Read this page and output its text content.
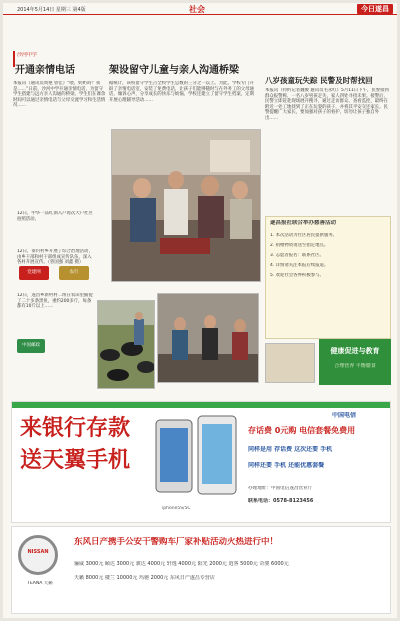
2014年5月14日 星期三 第4版	社会	今日遂昌
沙河中学
开通亲情电话
本报讯（通讯员周艳 曾佳）“喂，奶奶吗？我是……”日前，沙河中学开通亲情电话，为留守学生搭建与远方亲人沟通的桥梁。学生们在课余时间可以通过亲情电话与父母交流学习和生活情况……
架设留守儿童与亲人沟通桥梁
据统计，该校留守学生占全校学生总数的三分之一以上。为此，学校专门开辟了亲情电话室，安装了免费电话，让孩子们能够随时与在外务工的父母通话，倾诉心声，分享成长的快乐与烦恼。学校还建立了留守学生档案，定期开展心理辅导活动……
八岁孩童玩失踪 民警及时帮找回
本报讯（特约记者魏俊 通讯员毛永红）5月11日下午，民警接到群众报警称，一名八岁男孩走失，家人四处寻找未果。接警后，民警立即赶赴现场展开搜寻，通过走访群众、查看监控，最终在附近一处工地找到了正在玩耍的孩子，并将其平安交还家长。民警提醒广大家长，要加强对孩子的看护，切勿让孩子独自外出……
12日，中华一品红酒入户再次大户社区拍照活动。
12日，垂钓村乡开展了综合治理活动，由乡干部和村干部组成宣传队伍，深入各村开展宣传。（曾国强 刘鑫 摄）
党建网	农行
12日，遂昌乡新村村二组在农田里捕捉了二十多条黑鱼，重约200多斤，每条都有10斤以上……
中国邮政
遂昌报社联合举办慈善活动
1. 本次活动为社区居民提供服务。
2. 捐赠物资请送至指定地点。
3. 志愿者报名：联系社区。
4. 详情请关注本报后续报道。
5. 欢迎社会各界积极参与。
健康促进与教育
合理营养 平衡膳食
来银行存款
送天翼手机
iphone5S/5C
中国电信
存话费 0元购 电信套餐免费用
同样是用 存话费 这次还要 手机
同样还要 手机 还能优惠套餐
办理地址：中国电信遂昌营业厅
联系电话：0578-8123456
NISSAN
TEANA 天籁
东风日产携手公安干警购车厂家补贴活动火热进行中！
骊威 3000元 颐达 3000元 骐达 4000元 轩逸 4000元 阳光 2000元 逍客 5000元 奇骏 6000元
天籁 8000元 楼兰 10000元 玛驰 2000元 东风日产遂昌专营店
